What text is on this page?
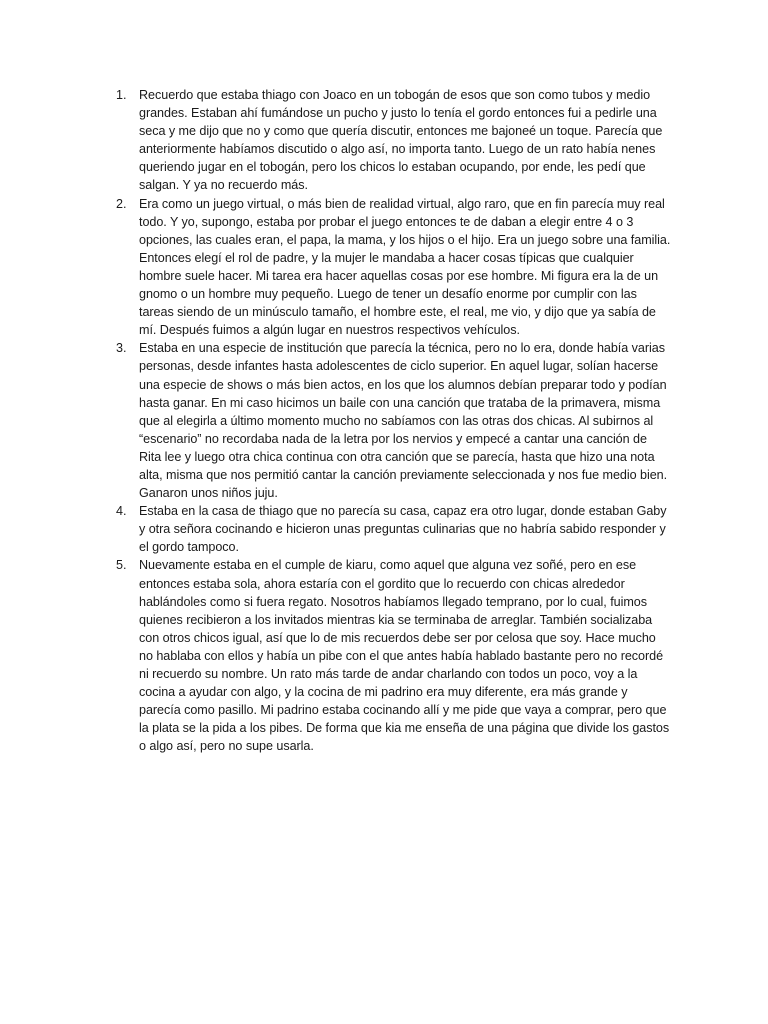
1. Recuerdo que estaba thiago con Joaco en un tobogán de esos que son como tubos y medio grandes. Estaban ahí fumándose un pucho y justo lo tenía el gordo entonces fui a pedirle una seca y me dijo que no y como que quería discutir, entonces me bajoneé un toque. Parecía que anteriormente habíamos discutido o algo así, no importa tanto. Luego de un rato había nenes queriendo jugar en el tobogán, pero los chicos lo estaban ocupando, por ende, les pedí que salgan. Y ya no recuerdo más.
2. Era como un juego virtual, o más bien de realidad virtual, algo raro, que en fin parecía muy real todo. Y yo, supongo, estaba por probar el juego entonces te de daban a elegir entre 4 o 3 opciones, las cuales eran, el papa, la mama, y los hijos o el hijo. Era un juego sobre una familia. Entonces elegí el rol de padre, y la mujer le mandaba a hacer cosas típicas que cualquier hombre suele hacer. Mi tarea era hacer aquellas cosas por ese hombre. Mi figura era la de un gnomo o un hombre muy pequeño. Luego de tener un desafío enorme por cumplir con las tareas siendo de un minúsculo tamaño, el hombre este, el real, me vio, y dijo que ya sabía de mí. Después fuimos a algún lugar en nuestros respectivos vehículos.
3. Estaba en una especie de institución que parecía la técnica, pero no lo era, donde había varias personas, desde infantes hasta adolescentes de ciclo superior. En aquel lugar, solían hacerse una especie de shows o más bien actos, en los que los alumnos debían preparar todo y podían hasta ganar. En mi caso hicimos un baile con una canción que trataba de la primavera, misma que al elegirla a último momento mucho no sabíamos con las otras dos chicas. Al subirnos al “escenario” no recordaba nada de la letra por los nervios y empecé a cantar una canción de Rita lee y luego otra chica continua con otra canción que se parecía, hasta que hizo una nota alta, misma que nos permitió cantar la canción previamente seleccionada y nos fue medio bien. Ganaron unos niños juju.
4. Estaba en la casa de thiago que no parecía su casa, capaz era otro lugar, donde estaban Gaby y otra señora cocinando e hicieron unas preguntas culinarias que no habría sabido responder y el gordo tampoco.
5. Nuevamente estaba en el cumple de kiaru, como aquel que alguna vez soñé, pero en ese entonces estaba sola, ahora estaría con el gordito que lo recuerdo con chicas alrededor hablándoles como si fuera regato. Nosotros habíamos llegado temprano, por lo cual, fuimos quienes recibieron a los invitados mientras kia se terminaba de arreglar. También socializaba con otros chicos igual, así que lo de mis recuerdos debe ser por celosa que soy. Hace mucho no hablaba con ellos y había un pibe con el que antes había hablado bastante pero no recordé ni recuerdo su nombre. Un rato más tarde de andar charlando con todos un poco, voy a la cocina a ayudar con algo, y la cocina de mi padrino era muy diferente, era más grande y parecía como pasillo. Mi padrino estaba cocinando allí y me pide que vaya a comprar, pero que la plata se la pida a los pibes. De forma que kia me enseña de una página que divide los gastos o algo así, pero no supe usarla.
